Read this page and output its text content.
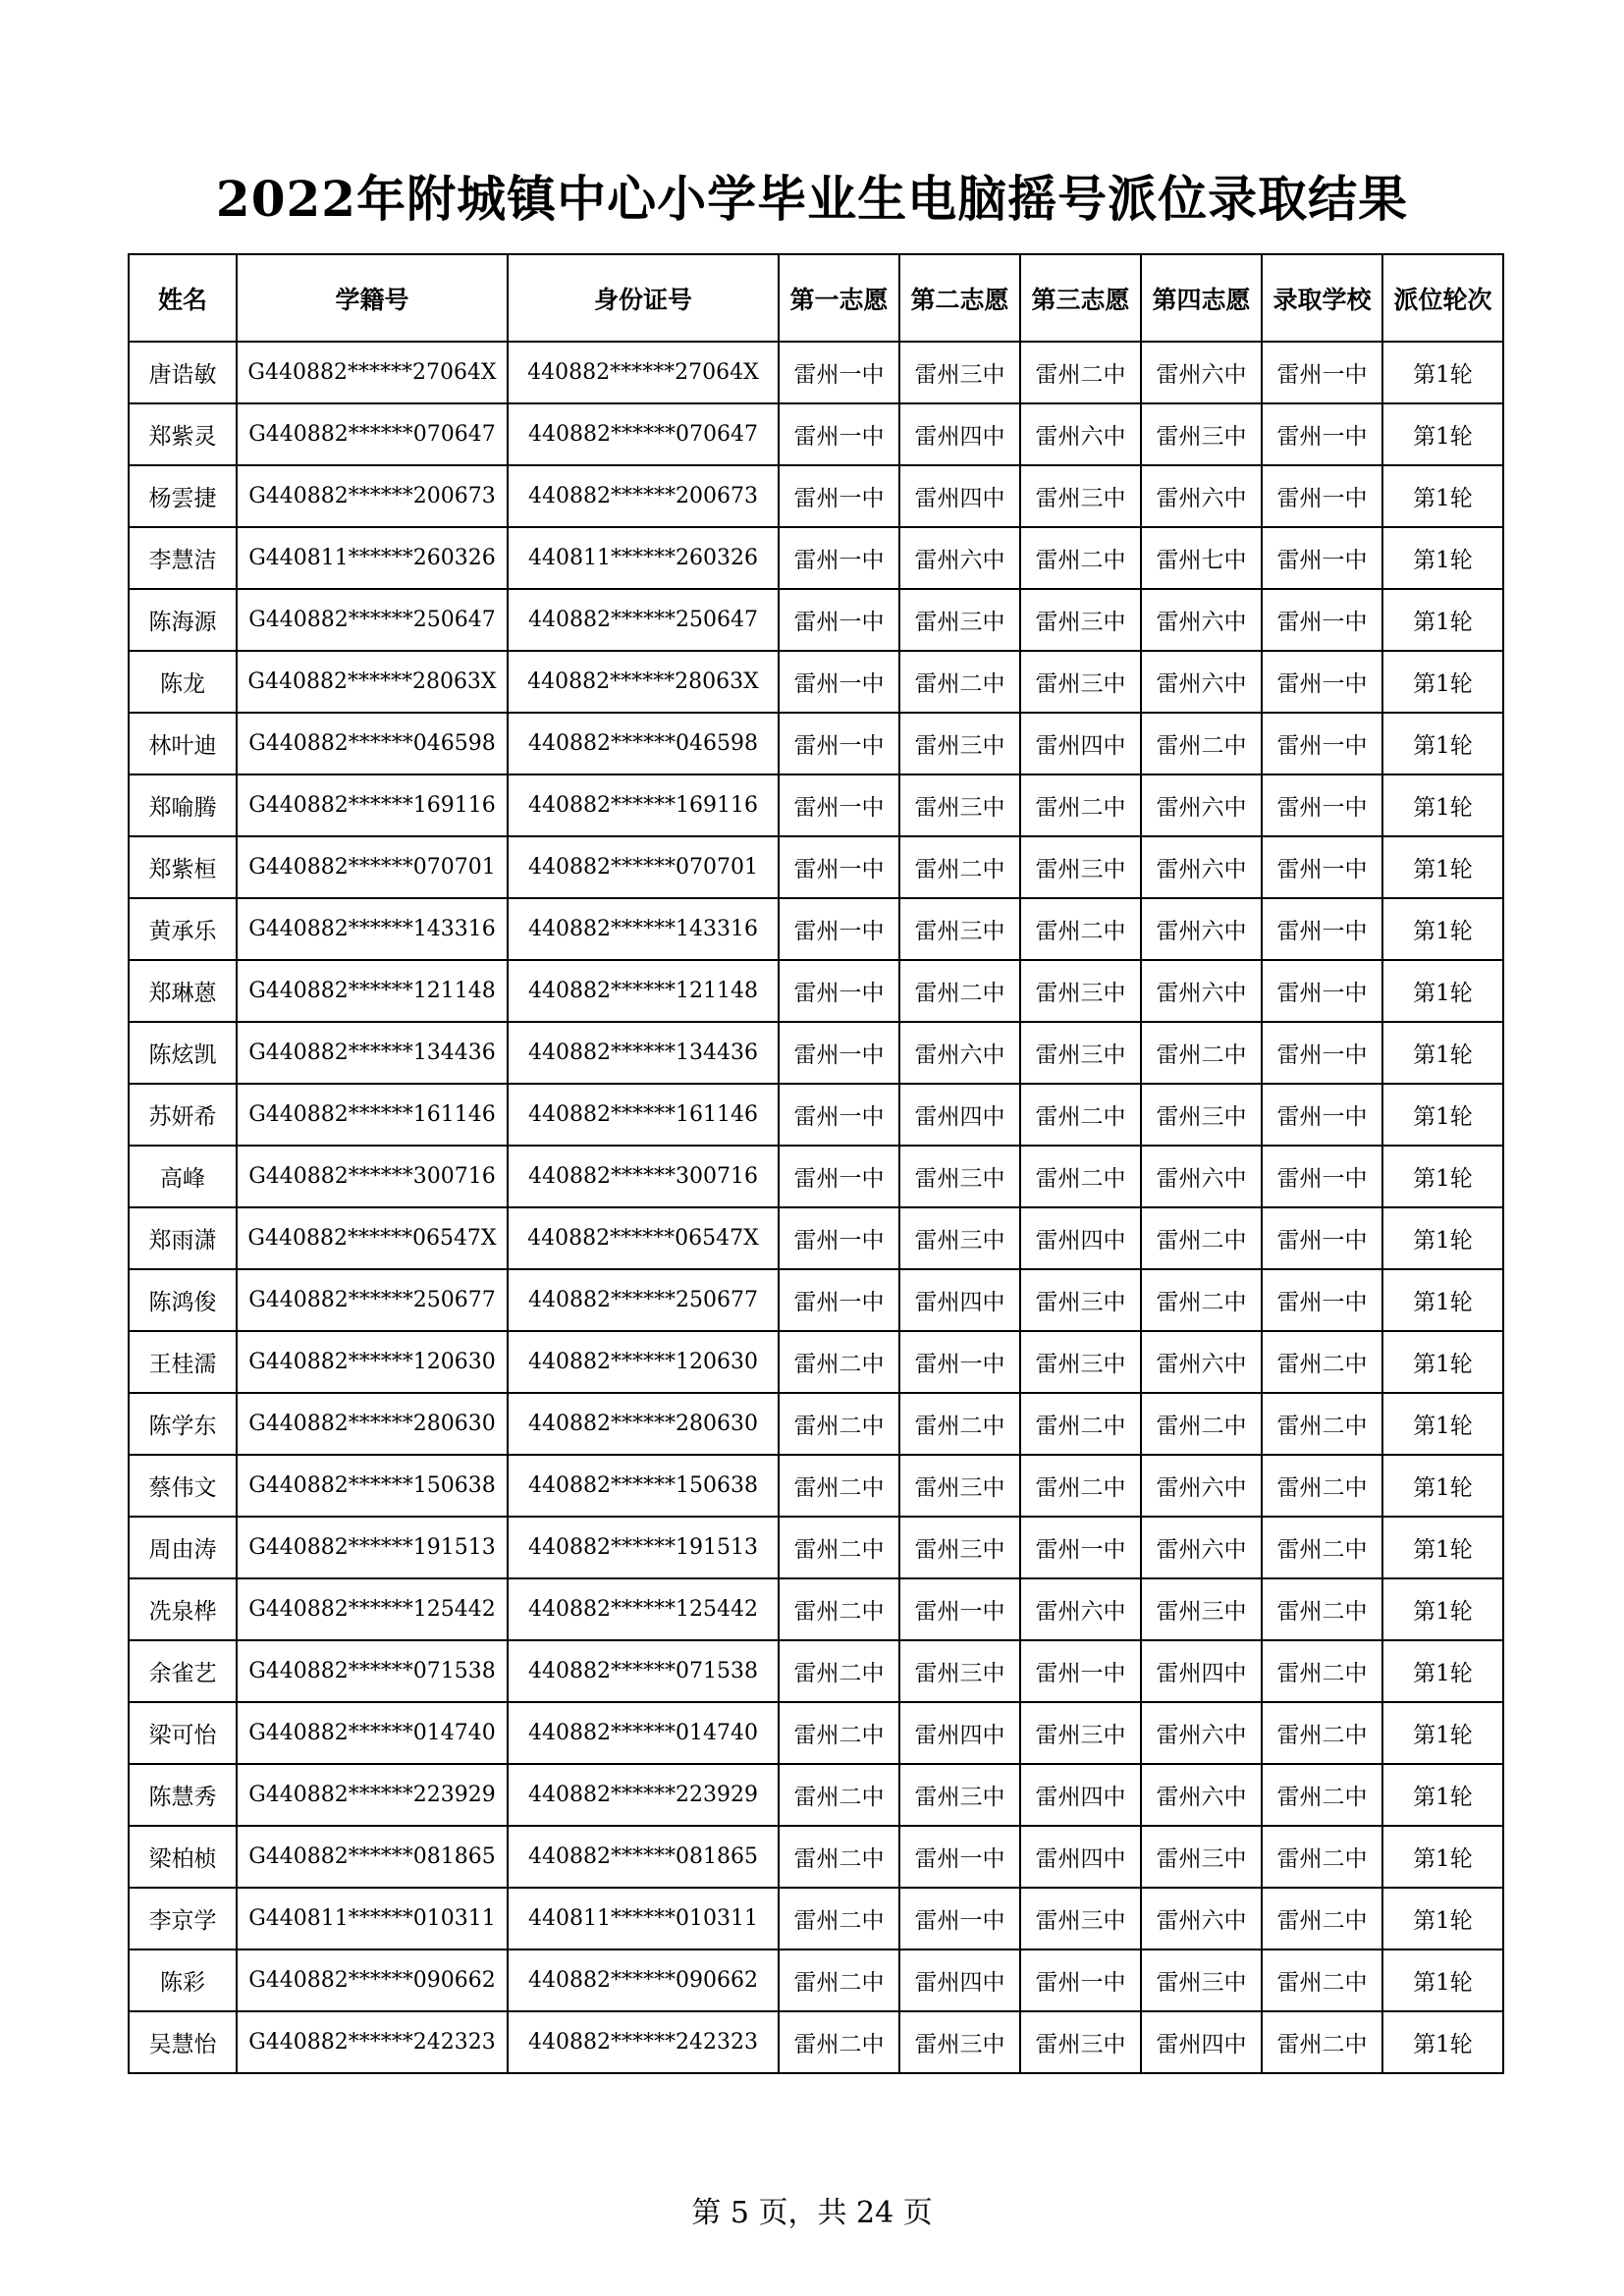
2022年附城镇中心小学毕业生电脑摇号派位录取结果
姓名	学籍号	身份证号	第一志愿	第二志愿	第三志愿	第四志愿	录取学校	派位轮次
唐诰敏	G440882******27064X	440882******27064X	雷州一中	雷州三中	雷州二中	雷州六中	雷州一中	第1轮
郑紫灵	G440882******070647	440882******070647	雷州一中	雷州四中	雷州六中	雷州三中	雷州一中	第1轮
杨雲捷	G440882******200673	440882******200673	雷州一中	雷州四中	雷州三中	雷州六中	雷州一中	第1轮
李慧洁	G440811******260326	440811******260326	雷州一中	雷州六中	雷州二中	雷州七中	雷州一中	第1轮
陈海源	G440882******250647	440882******250647	雷州一中	雷州三中	雷州三中	雷州六中	雷州一中	第1轮
陈龙	G440882******28063X	440882******28063X	雷州一中	雷州二中	雷州三中	雷州六中	雷州一中	第1轮
林叶迪	G440882******046598	440882******046598	雷州一中	雷州三中	雷州四中	雷州二中	雷州一中	第1轮
郑喻腾	G440882******169116	440882******169116	雷州一中	雷州三中	雷州二中	雷州六中	雷州一中	第1轮
郑紫桓	G440882******070701	440882******070701	雷州一中	雷州二中	雷州三中	雷州六中	雷州一中	第1轮
黄承乐	G440882******143316	440882******143316	雷州一中	雷州三中	雷州二中	雷州六中	雷州一中	第1轮
郑琳蒽	G440882******121148	440882******121148	雷州一中	雷州二中	雷州三中	雷州六中	雷州一中	第1轮
陈炫凯	G440882******134436	440882******134436	雷州一中	雷州六中	雷州三中	雷州二中	雷州一中	第1轮
苏妍希	G440882******161146	440882******161146	雷州一中	雷州四中	雷州二中	雷州三中	雷州一中	第1轮
高峰	G440882******300716	440882******300716	雷州一中	雷州三中	雷州二中	雷州六中	雷州一中	第1轮
郑雨潇	G440882******06547X	440882******06547X	雷州一中	雷州三中	雷州四中	雷州二中	雷州一中	第1轮
陈鸿俊	G440882******250677	440882******250677	雷州一中	雷州四中	雷州三中	雷州二中	雷州一中	第1轮
王桂濡	G440882******120630	440882******120630	雷州二中	雷州一中	雷州三中	雷州六中	雷州二中	第1轮
陈学东	G440882******280630	440882******280630	雷州二中	雷州二中	雷州二中	雷州二中	雷州二中	第1轮
蔡伟文	G440882******150638	440882******150638	雷州二中	雷州三中	雷州二中	雷州六中	雷州二中	第1轮
周由涛	G440882******191513	440882******191513	雷州二中	雷州三中	雷州一中	雷州六中	雷州二中	第1轮
冼泉桦	G440882******125442	440882******125442	雷州二中	雷州一中	雷州六中	雷州三中	雷州二中	第1轮
余雀艺	G440882******071538	440882******071538	雷州二中	雷州三中	雷州一中	雷州四中	雷州二中	第1轮
梁可怡	G440882******014740	440882******014740	雷州二中	雷州四中	雷州三中	雷州六中	雷州二中	第1轮
陈慧秀	G440882******223929	440882******223929	雷州二中	雷州三中	雷州四中	雷州六中	雷州二中	第1轮
梁柏桢	G440882******081865	440882******081865	雷州二中	雷州一中	雷州四中	雷州三中	雷州二中	第1轮
李京学	G440811******010311	440811******010311	雷州二中	雷州一中	雷州三中	雷州六中	雷州二中	第1轮
陈彩	G440882******090662	440882******090662	雷州二中	雷州四中	雷州一中	雷州三中	雷州二中	第1轮
吴慧怡	G440882******242323	440882******242323	雷州二中	雷州三中	雷州三中	雷州四中	雷州二中	第1轮
第 5 页，共 24 页
